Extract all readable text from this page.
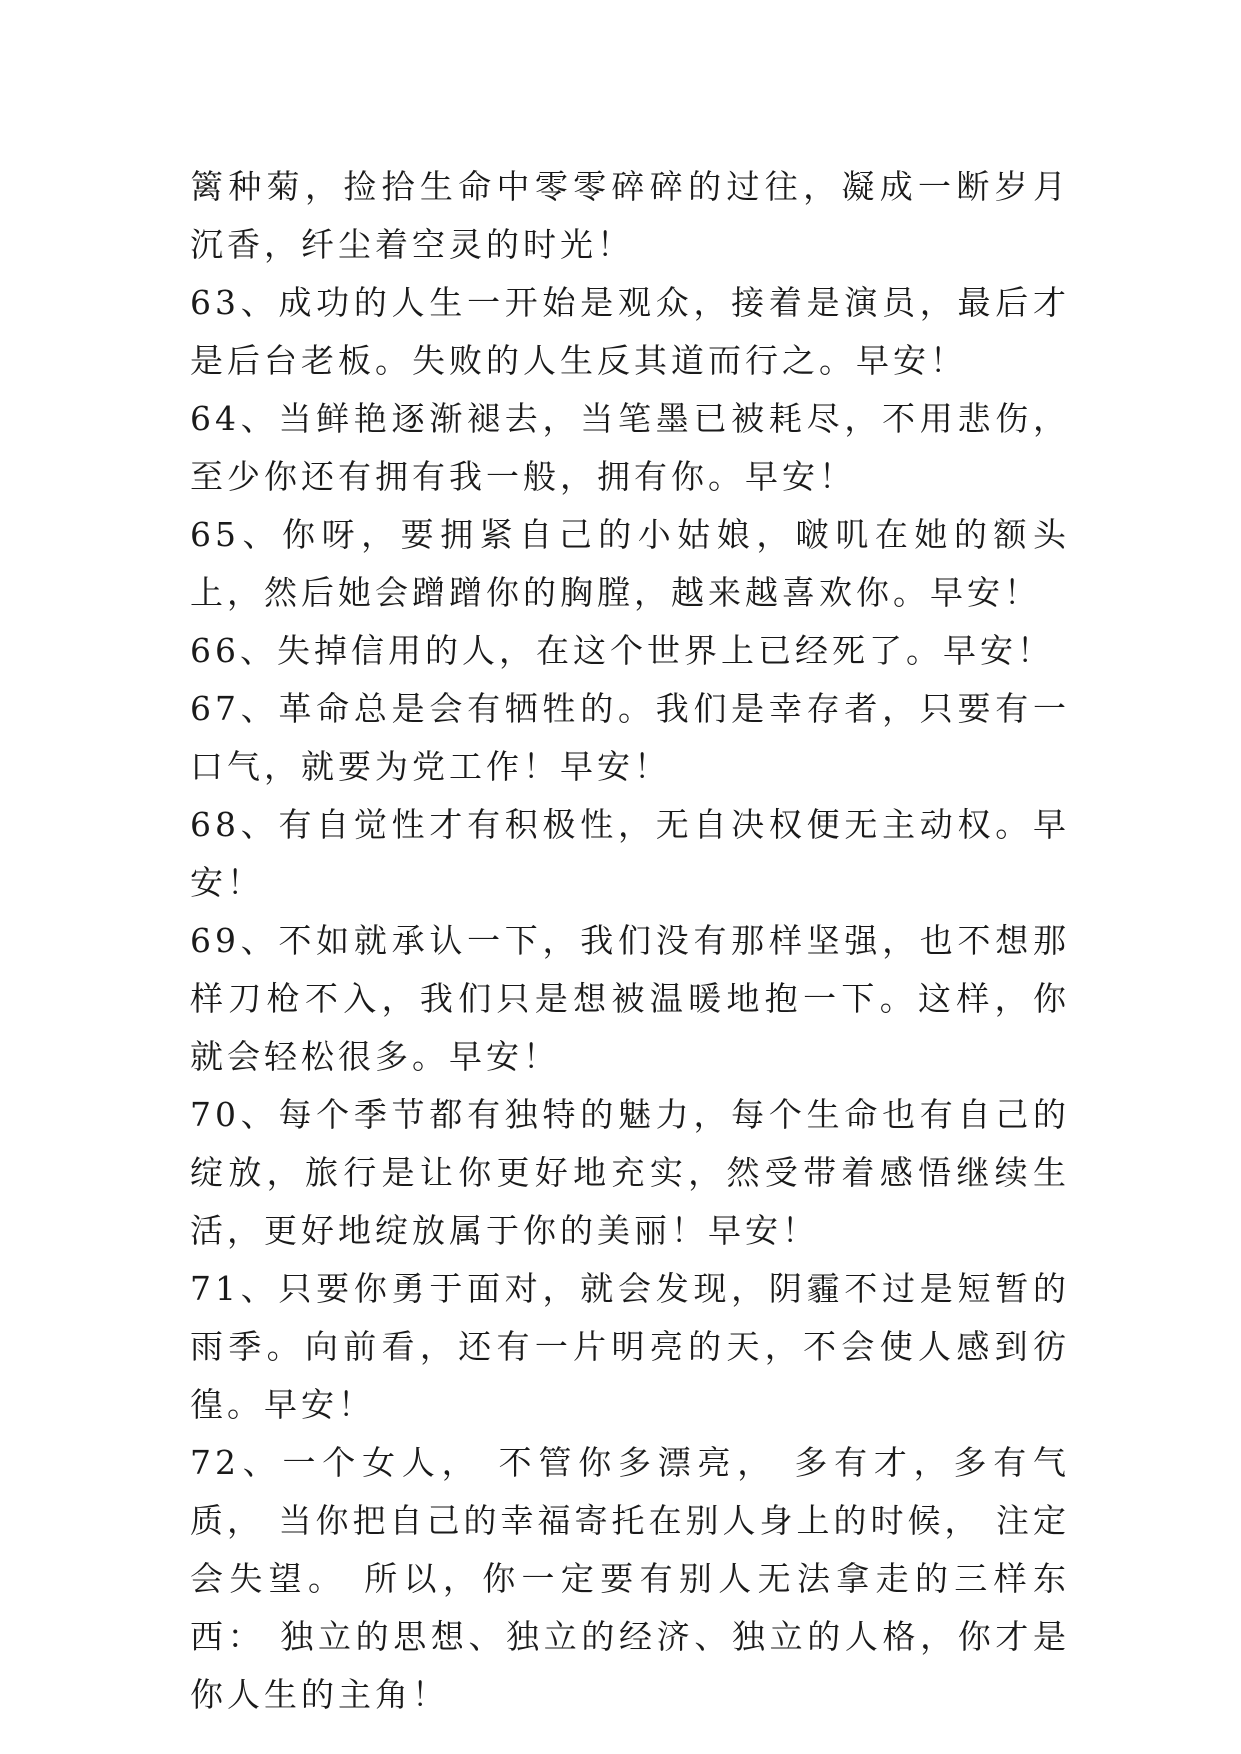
篱种菊，捡拾生命中零零碎碎的过往，凝成一断岁月沉香，纤尘着空灵的时光！

63、成功的人生一开始是观众，接着是演员，最后才是后台老板。失败的人生反其道而行之。早安！

64、当鲜艳逐渐褪去，当笔墨已被耗尽，不用悲伤，至少你还有拥有我一般，拥有你。早安！

65、你呀，要拥紧自己的小姑娘，啵叽在她的额头上，然后她会蹭蹭你的胸膛，越来越喜欢你。早安！

66、失掉信用的人，在这个世界上已经死了。早安！

67、革命总是会有牺牲的。我们是幸存者，只要有一口气，就要为党工作！早安！

68、有自觉性才有积极性，无自决权便无主动权。早安！

69、不如就承认一下，我们没有那样坚强，也不想那样刀枪不入，我们只是想被温暖地抱一下。这样，你就会轻松很多。早安！

70、每个季节都有独特的魅力，每个生命也有自己的绽放，旅行是让你更好地充实，然受带着感悟继续生活，更好地绽放属于你的美丽！早安！

71、只要你勇于面对，就会发现，阴霾不过是短暂的雨季。向前看，还有一片明亮的天，不会使人感到彷徨。早安！

72、一个女人， 不管你多漂亮， 多有才，多有气质， 当你把自己的幸福寄托在别人身上的时候， 注定会失望。 所以，你一定要有别人无法拿走的三样东西： 独立的思想、独立的经济、独立的人格，你才是你人生的主角！
